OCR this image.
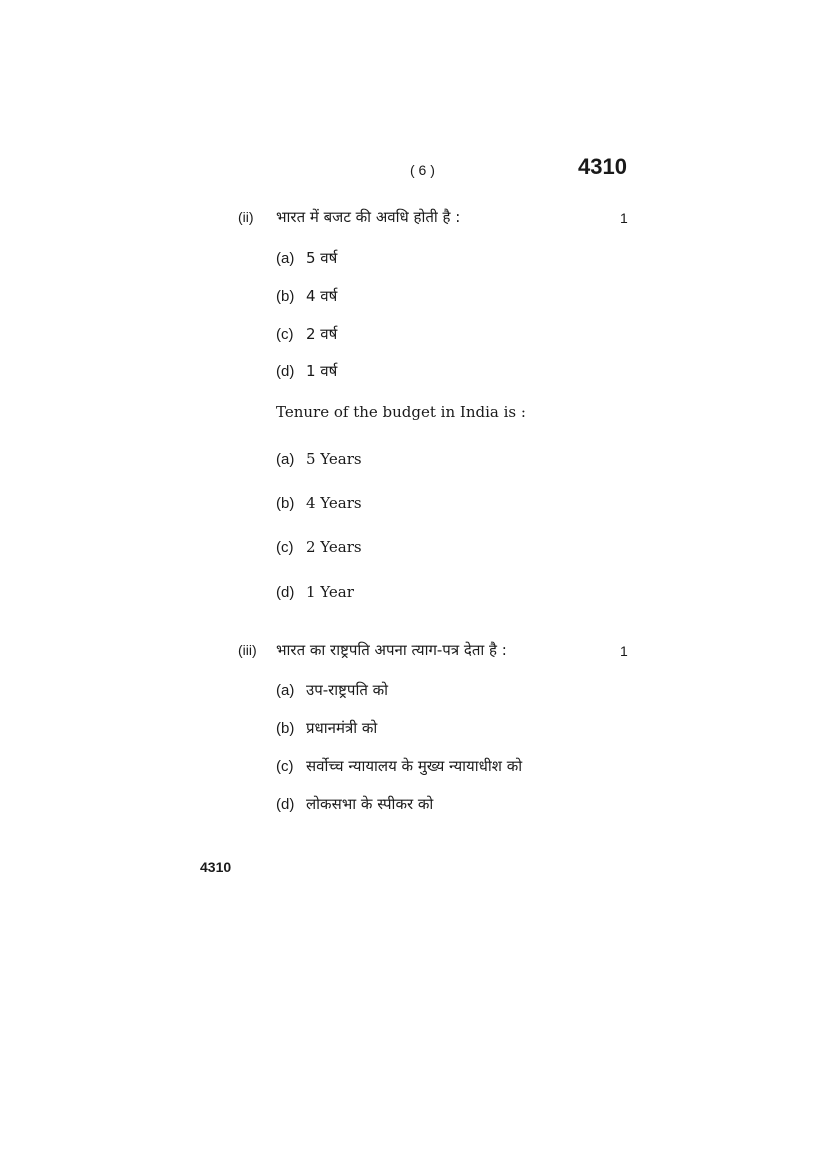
( 6 )	4310
(ii) भारत में बजट की अवधि होती है :	1
(a) 5 वर्ष
(b) 4 वर्ष
(c) 2 वर्ष
(d) 1 वर्ष
Tenure of the budget in India is :
(a) 5 Years
(b) 4 Years
(c) 2 Years
(d) 1 Year
(iii) भारत का राष्ट्रपति अपना त्याग-पत्र देता है :	1
(a) उप-राष्ट्रपति को
(b) प्रधानमंत्री को
(c) सर्वोच्च न्यायालय के मुख्य न्यायाधीश को
(d) लोकसभा के स्पीकर को
4310
